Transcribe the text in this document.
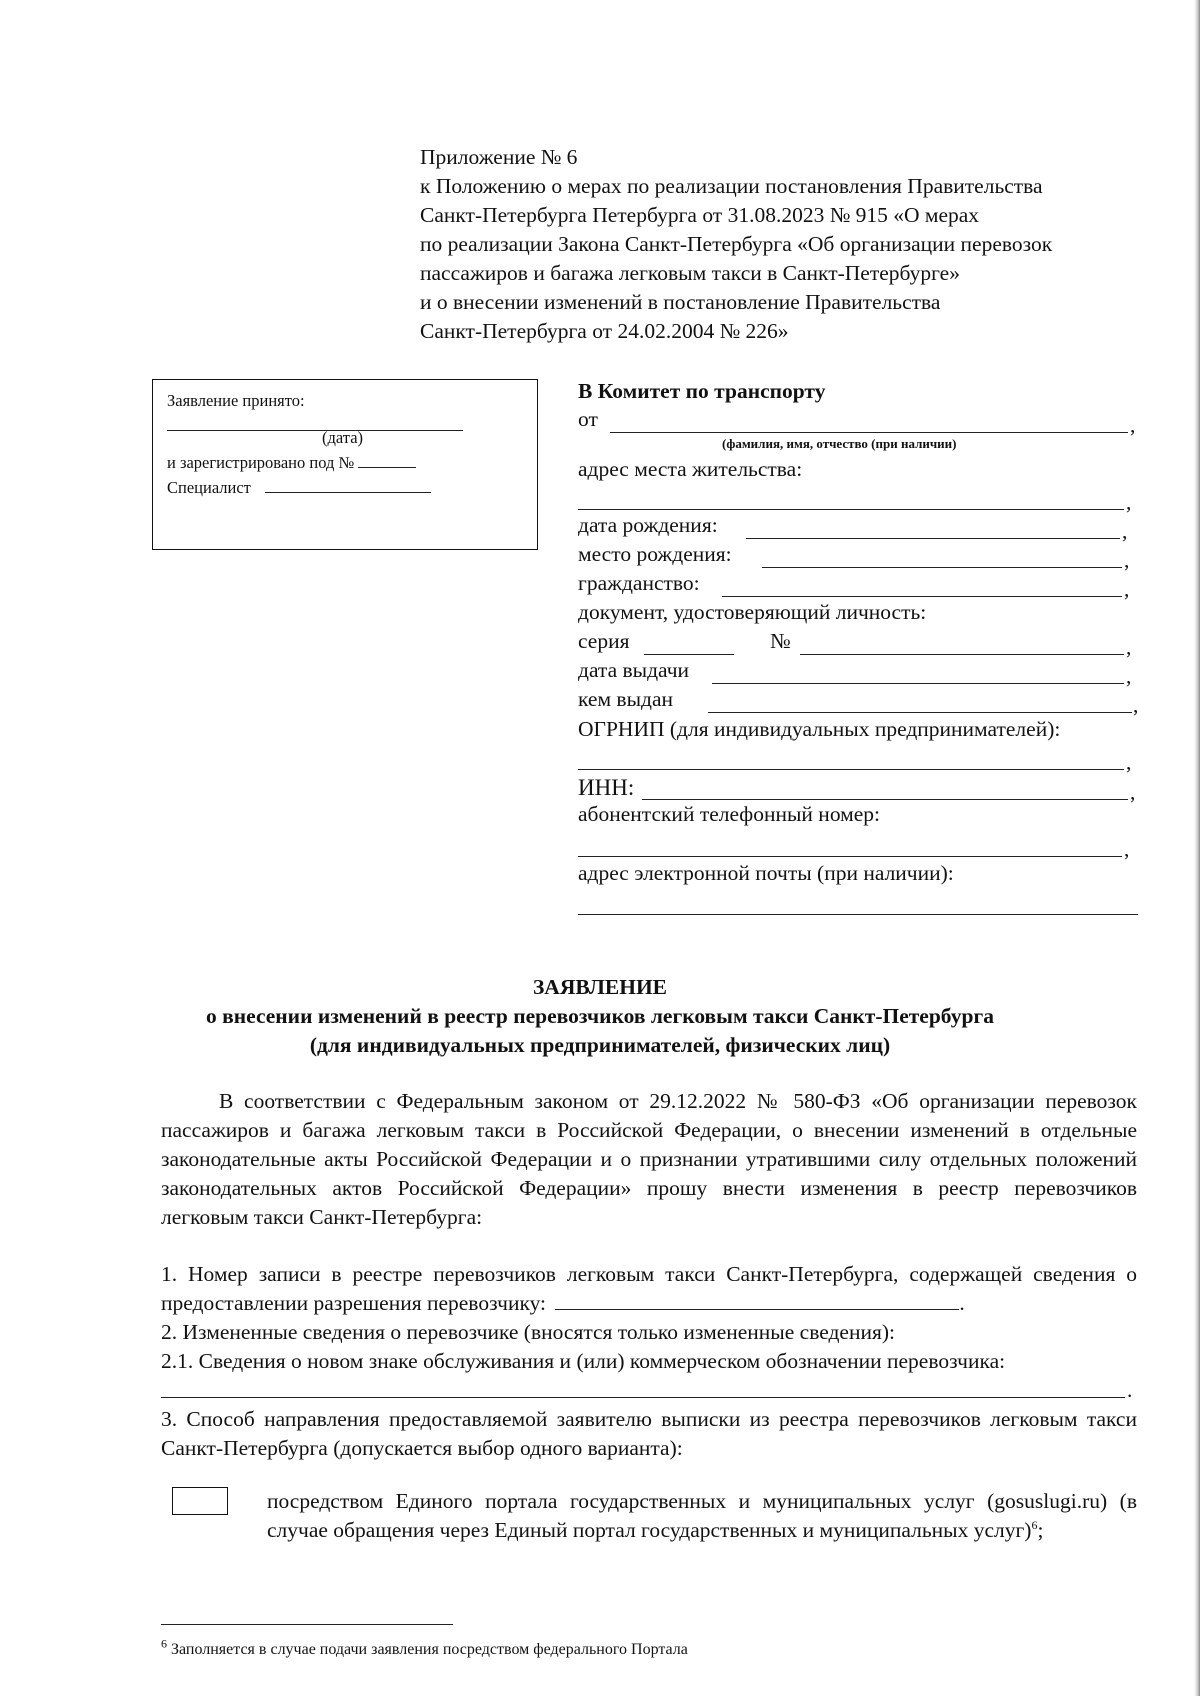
Приложение № 6
к Положению о мерах по реализации постановления Правительства
Санкт-Петербурга Петербурга от 31.08.2023 № 915 «О мерах
по реализации Закона Санкт-Петербурга «Об организации перевозок
пассажиров и багажа легковым такси в Санкт-Петербурге»
и о внесении изменений в постановление Правительства
Санкт-Петербурга от 24.02.2004 № 226»
Заявление принято:
(дата)
и зарегистрировано под №
Специалист
В Комитет по транспорту
от	,
(фамилия, имя, отчество (при наличии)
адрес места жительства:
,
дата рождения:	,
место рождения:	,
гражданство:	,
документ, удостоверяющий личность:
серия	№	,
дата выдачи	,
кем выдан	,
ОГРНИП (для индивидуальных предпринимателей):
,
ИНН:	,
абонентский телефонный номер:
,
адрес электронной почты (при наличии):
ЗАЯВЛЕНИЕ
о внесении изменений в реестр перевозчиков легковым такси Санкт-Петербурга
(для индивидуальных предпринимателей, физических лиц)
В соответствии с Федеральным законом от 29.12.2022 № 580-ФЗ «Об организации перевозок пассажиров и багажа легковым такси в Российской Федерации, о внесении изменений в отдельные законодательные акты Российской Федерации и о признании утратившими силу отдельных положений законодательных актов Российской Федерации» прошу внести изменения в реестр перевозчиков легковым такси Санкт-Петербурга:
1. Номер записи в реестре перевозчиков легковым такси Санкт-Петербурга, содержащей сведения о предоставлении разрешения перевозчику:	.
2. Измененные сведения о перевозчике (вносятся только измененные сведения):
2.1. Сведения о новом знаке обслуживания и (или) коммерческом обозначении перевозчика:
.
3. Способ направления предоставляемой заявителю выписки из реестра перевозчиков легковым такси Санкт-Петербурга (допускается выбор одного варианта):
посредством Единого портала государственных и муниципальных услуг (gosuslugi.ru) (в случае обращения через Единый портал государственных и муниципальных услуг)$^6$;
$^6$ Заполняется в случае подачи заявления посредством федерального Портала
